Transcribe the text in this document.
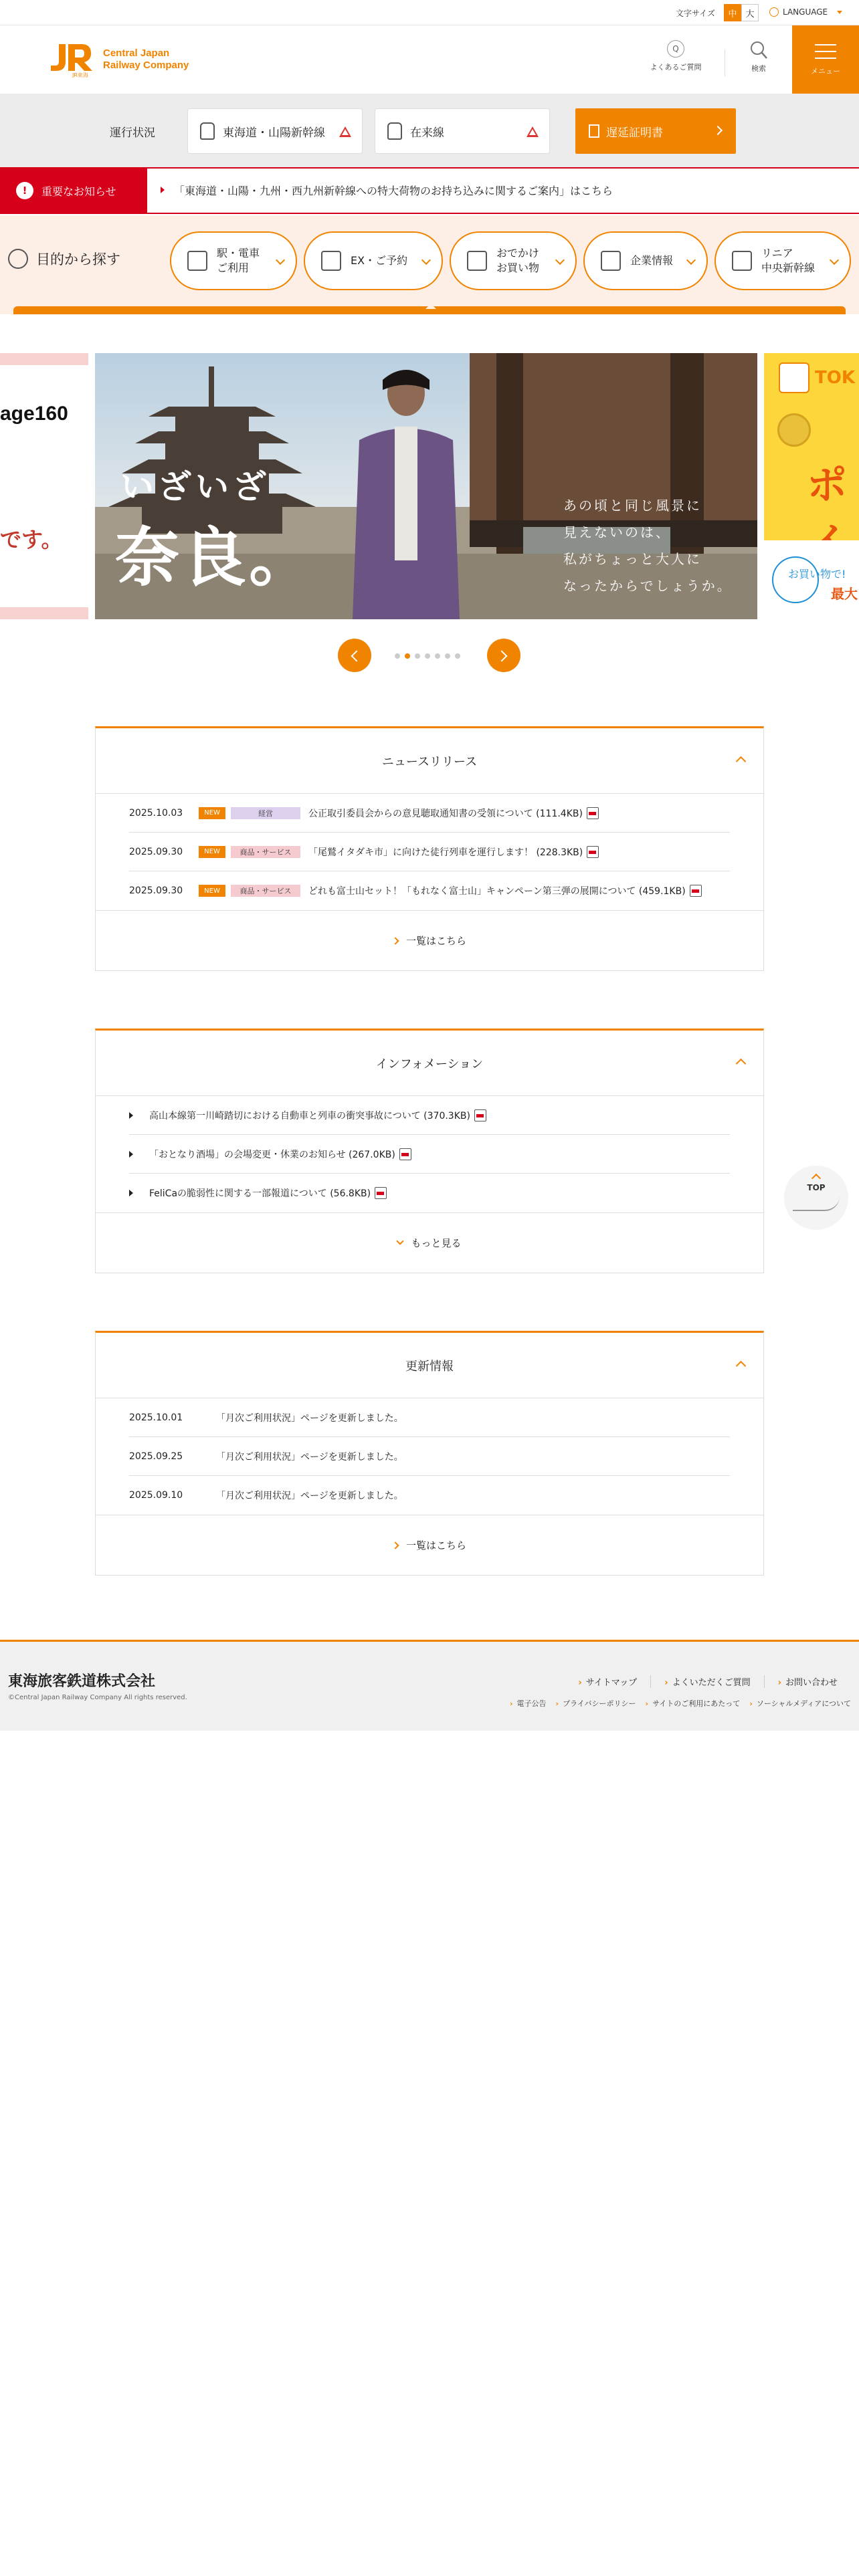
文字サイズ	中 大	LANGUAGE
JR東海
Central Japan
Railway Company
Q
よくあるご質問	検索	メニュー
運行状況	東海道・山陽新幹線	在来線	遅延証明書
!	重要なお知らせ	「東海道・山陽・九州・西九州新幹線への特大荷物のお持ち込みに関するご案内」はこちら
目的から探す	駅・電車
ご利用
EX・ご予約
おでかけ
お買い物
企業情報
リニア
中央新幹線
age160
です。
いざいざ
奈良。
あの頃と同じ風景に
見えないのは、
私がちょっと大人に
なったからでしょうか。
TOK
ポ
お買い物で!
最大
ニュースリリース
2025.10.03	NEW	経営	公正取引委員会からの意見聴取通知書の受領について (111.4KB)
2025.09.30	NEW	商品・サービス	「尾鷲イタダキ市」に向けた徒行列車を運行します！ (228.3KB)
2025.09.30	NEW	商品・サービス	どれも富士山セット！「もれなく富士山」キャンペーン第三弾の展開について (459.1KB)
一覧はこちら
インフォメーション
高山本線第一川崎踏切における自動車と列車の衝突事故について (370.3KB)
「おとなり酒場」の会場変更・休業のお知らせ (267.0KB)
FeliCaの脆弱性に関する一部報道について (56.8KB)
もっと見る
TOP
更新情報
2025.10.01	「月次ご利用状況」ページを更新しました。
2025.09.25	「月次ご利用状況」ページを更新しました。
2025.09.10	「月次ご利用状況」ページを更新しました。
一覧はこちら
東海旅客鉄道株式会社
©Central Japan Railway Company All rights reserved.
› サイトマップ	› よくいただくご質問	› お問い合わせ
› 電子公告	› プライバシーポリシー	› サイトのご利用にあたって	› ソーシャルメディアについて
